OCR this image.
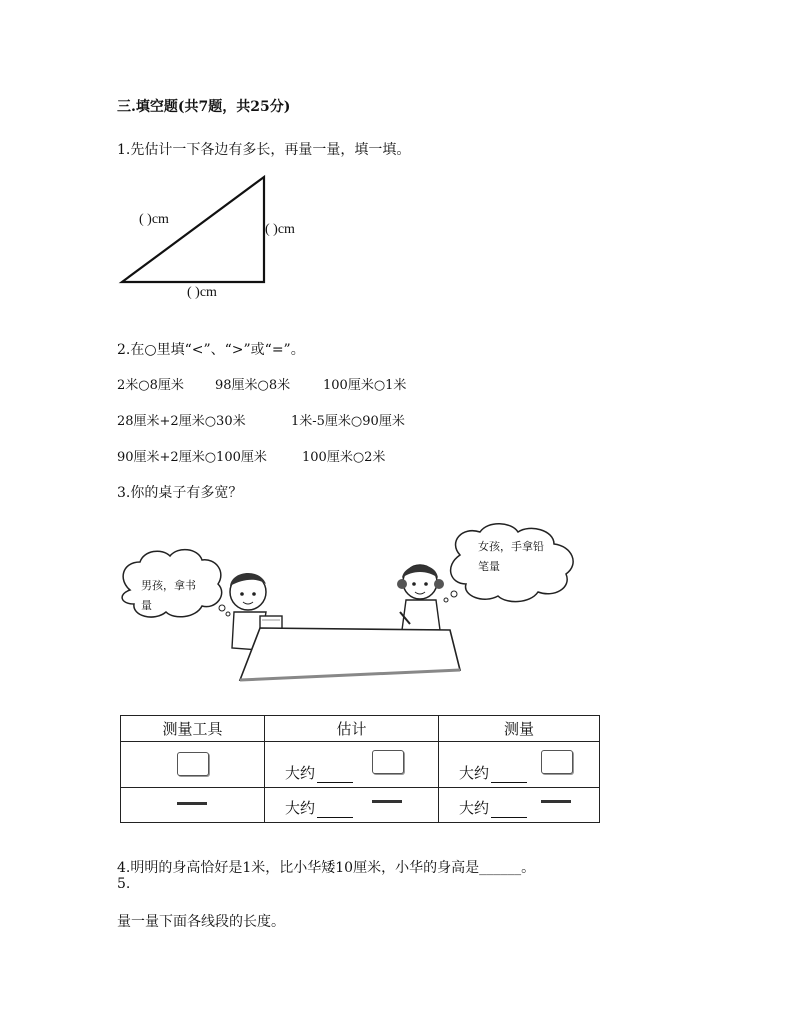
三.填空题(共7题，共25分)
1.先估计一下各边有多长，再量一量，填一填。
( )cm
( )cm
( )cm
2.在○里填“<”、“>”或“=”。
2米○8厘米 98厘米○8米	100厘米○1米
28厘米+2厘米○30米	1米-5厘米○90厘米
90厘米+2厘米○100厘米	100厘米○2米
3.你的桌子有多宽？
男孩，拿书
量
女孩，手拿铅
笔量
测量工具	估计	测量

	大约	大约

	大约	大约
4.明明的身高恰好是1米，比小华矮10厘米，小华的身高是______。
5.
量一量下面各线段的长度。
